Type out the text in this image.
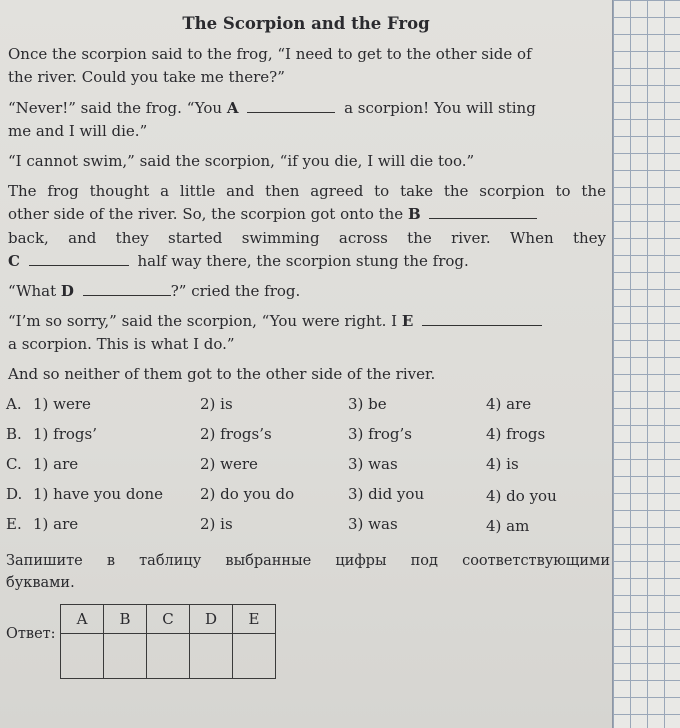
The Scorpion and the Frog
Once the scorpion said to the frog, “I need to get to the other side of
the river. Could you take me there?”
“Never!” said the frog. “You A	a scorpion! You will sting
me and I will die.”
“I cannot swim,” said the scorpion, “if you die, I will die too.”
The frog thought a little and then agreed to take the scorpion to the
other side of the river. So, the scorpion got onto the B
back, and they started swimming across the river. When they
C	half way there, the scorpion stung the frog.
“What D	?” cried the frog.
“I’m so sorry,” said the scorpion, “You were right. I E
a scorpion. This is what I do.”
And so neither of them got to the other side of the river.
A. 1) were	2) is	3) be	4) are
B. 1) frogs’	2) frogs’s	3) frog’s	4) frogs
C. 1) are	2) were	3) was	4) is
D. 1) have you done 2) do you do	3) did you	4) do you
E. 1) are	2) is	3) was	4) am
Запишите в таблицу выбранные цифры под соответствующими
буквами.
Ответ:
A	B	C	D	E
